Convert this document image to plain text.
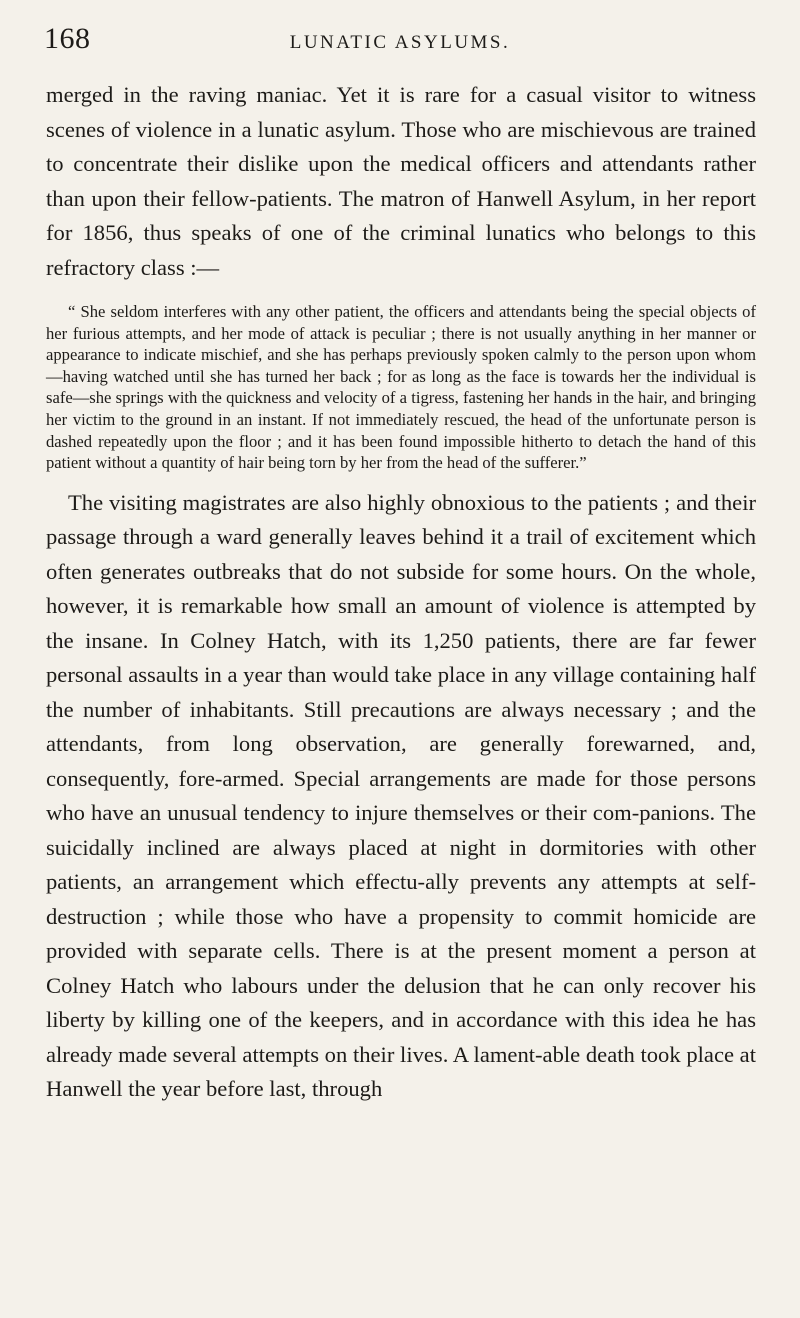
168	LUNATIC ASYLUMS.

merged in the raving maniac. Yet it is rare for a casual visitor to witness scenes of violence in a lunatic asylum. Those who are mischievous are trained to concentrate their dislike upon the medical officers and attendants rather than upon their fellow-patients. The matron of Hanwell Asylum, in her report for 1856, thus speaks of one of the criminal lunatics who belongs to this refractory class :—

“ She seldom interferes with any other patient, the officers and attendants being the special objects of her furious attempts, and her mode of attack is peculiar ; there is not usually anything in her manner or appearance to indicate mischief, and she has perhaps previously spoken calmly to the person upon whom—having watched until she has turned her back ; for as long as the face is towards her the individual is safe—she springs with the quickness and velocity of a tigress, fastening her hands in the hair, and bringing her victim to the ground in an instant. If not immediately rescued, the head of the unfortunate person is dashed repeatedly upon the floor ; and it has been found impossible hitherto to detach the hand of this patient without a quantity of hair being torn by her from the head of the sufferer.”

The visiting magistrates are also highly obnoxious to the patients ; and their passage through a ward generally leaves behind it a trail of excitement which often generates outbreaks that do not subside for some hours. On the whole, however, it is remarkable how small an amount of violence is attempted by the insane. In Colney Hatch, with its 1,250 patients, there are far fewer personal assaults in a year than would take place in any village containing half the number of inhabitants. Still precautions are always necessary ; and the attendants, from long observation, are generally forewarned, and, consequently, fore-armed. Special arrangements are made for those persons who have an unusual tendency to injure themselves or their com-panions. The suicidally inclined are always placed at night in dormitories with other patients, an arrangement which effectu-ally prevents any attempts at self-destruction ; while those who have a propensity to commit homicide are provided with separate cells. There is at the present moment a person at Colney Hatch who labours under the delusion that he can only recover his liberty by killing one of the keepers, and in accordance with this idea he has already made several attempts on their lives. A lament-able death took place at Hanwell the year before last, through
